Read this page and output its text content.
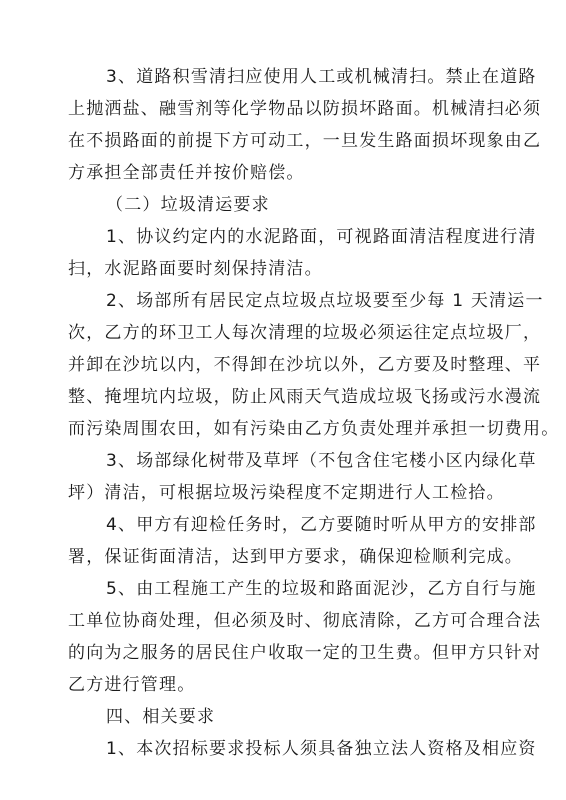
3、道路积雪清扫应使用人工或机械清扫。禁止在道路
上抛洒盐、融雪剂等化学物品以防损坏路面。机械清扫必须
在不损路面的前提下方可动工，一旦发生路面损坏现象由乙
方承担全部责任并按价赔偿。
（二）垃圾清运要求
1、协议约定内的水泥路面，可视路面清洁程度进行清
扫，水泥路面要时刻保持清洁。
2、场部所有居民定点垃圾点垃圾要至少每 1 天清运一
次，乙方的环卫工人每次清理的垃圾必须运往定点垃圾厂，
并卸在沙坑以内，不得卸在沙坑以外，乙方要及时整理、平
整、掩埋坑内垃圾，防止风雨天气造成垃圾飞扬或污水漫流
而污染周围农田，如有污染由乙方负责处理并承担一切费用。
3、场部绿化树带及草坪（不包含住宅楼小区内绿化草
坪）清洁，可根据垃圾污染程度不定期进行人工检拾。
4、甲方有迎检任务时，乙方要随时听从甲方的安排部
署，保证街面清洁，达到甲方要求，确保迎检顺利完成。
5、由工程施工产生的垃圾和路面泥沙，乙方自行与施
工单位协商处理，但必须及时、彻底清除，乙方可合理合法
的向为之服务的居民住户收取一定的卫生费。但甲方只针对
乙方进行管理。
四、相关要求
1、本次招标要求投标人须具备独立法人资格及相应资
